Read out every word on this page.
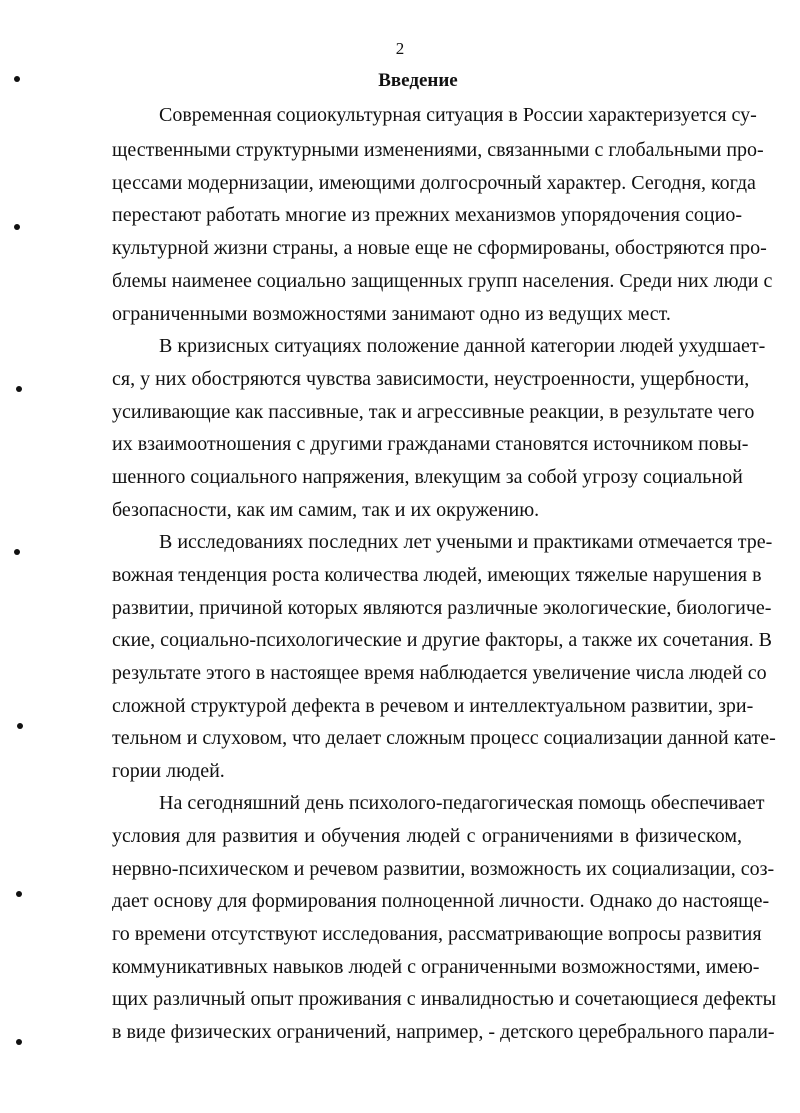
2
Введение
Современная социокультурная ситуация в России характеризуется су-
щественными структурными изменениями, связанными с глобальными про-
цессами модернизации, имеющими долгосрочный характер. Сегодня, когда
перестают работать многие из прежних механизмов упорядочения социо-
культурной жизни страны, а новые еще не сформированы, обостряются про-
блемы наименее социально защищенных групп населения. Среди них люди с
ограниченными возможностями занимают одно из ведущих мест.
В кризисных ситуациях положение данной категории людей ухудшает-
ся, у них обостряются чувства зависимости, неустроенности, ущербности,
усиливающие как пассивные, так и агрессивные реакции, в результате чего
их взаимоотношения с другими гражданами становятся источником повы-
шенного социального напряжения, влекущим за собой угрозу социальной
безопасности, как им самим, так и их окружению.
В исследованиях последних лет учеными и практиками отмечается тре-
вожная тенденция роста количества людей, имеющих тяжелые нарушения в
развитии, причиной которых являются различные экологические, биологиче-
ские, социально-психологические и другие факторы, а также их сочетания. В
результате этого в настоящее время наблюдается увеличение числа людей со
сложной структурой дефекта в речевом и интеллектуальном развитии, зри-
тельном и слуховом, что делает сложным процесс социализации данной кате-
гории людей.
На сегодняшний день психолого-педагогическая помощь обеспечивает
условия для развития и обучения людей с ограничениями в физическом,
нервно-психическом и речевом развитии, возможность их социализации, соз-
дает основу для формирования полноценной личности. Однако до настояще-
го времени отсутствуют исследования, рассматривающие вопросы развития
коммуникативных навыков людей с ограниченными возможностями, имею-
щих различный опыт проживания с инвалидностью и сочетающиеся дефекты
в виде физических ограничений, например, - детского церебрального парали-
